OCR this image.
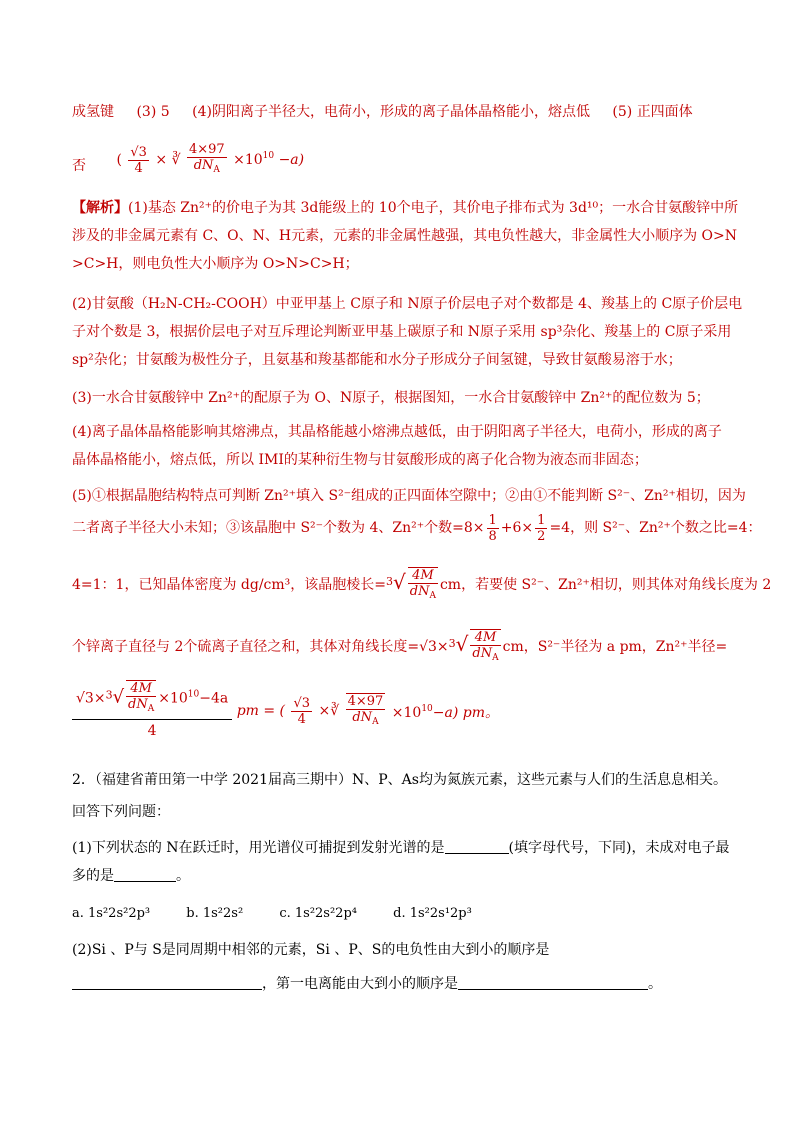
成氢键 (3) 5 (4)阴阳离子半径大，电荷小，形成的离子晶体晶格能小，熔点低 (5) 正四面体
否 ( $\frac{√3}{4}$ × ∛ $\frac{4\times 97}{dN_A} \times 10^{10} -a$)
【解析】(1)基态 Zn²⁺的价电子为其 3d能级上的 10个电子，其价电子排布式为 3d¹⁰；一水合甘氨酸锌中所
涉及的非金属元素有 C、O、N、H元素，元素的非金属性越强，其电负性越大，非金属性大小顺序为 O>N
>C>H，则电负性大小顺序为 O>N>C>H；
(2)甘氨酸（H₂N-CH₂-COOH）中亚甲基上 C原子和 N原子价层电子对个数都是 4、羧基上的 C原子价层电
子对个数是 3，根据价层电子对互斥理论判断亚甲基上碳原子和 N原子采用 sp³杂化、羧基上的 C原子采用
sp²杂化；甘氨酸为极性分子，且氨基和羧基都能和水分子形成分子间氢键，导致甘氨酸易溶于水；
(3)一水合甘氨酸锌中 Zn²⁺的配原子为 O、N原子，根据图知，一水合甘氨酸锌中 Zn²⁺的配位数为 5；
(4)离子晶体晶格能影响其熔沸点，其晶格能越小熔沸点越低，由于阴阳离子半径大，电荷小，形成的离子
晶体晶格能小，熔点低，所以 IMI的某种衍生物与甘氨酸形成的离子化合物为液态而非固态；
(5)①根据晶胞结构特点可判断 Zn²⁺填入 S²⁻组成的正四面体空隙中；②由①不能判断 S²⁻、Zn²⁺相切，因为
二者离子半径大小未知；③该晶胞中 S²⁻个数为 4、Zn²⁺个数$=8\times \frac{1}{8} +6\times \frac{1}{2} =4$，则 S²⁻、Zn²⁺个数之比=4：
4=1：1，已知晶体密度为 dg/cm³，该晶胞棱长$=^3√ \frac{4M}{dN_A}$ cm，若要使 S²⁻、Zn²⁺相切，则其体对角线长度为 2
个锌离子直径与 2个硫离子直径之和，其体对角线长度$=√3\times^3√ \frac{4M}{dN_A}$ cm，S²⁻半径为 a pm，Zn²⁺半径=
$√3\times^3√ \frac{4M}{dN_A} \times 10^{10}-4a$
4
pm = ( $\frac{√3}{4}$ ×∛ $\frac{4\times 97}{dN_A} \times 10^{10}-a$) pm。
2．（福建省莆田第一中学 2021届高三期中）N、P、As均为氮族元素，这些元素与人们的生活息息相关。
回答下列问题：
(1)下列状态的 N在跃迁时，用光谱仪可捕捉到发射光谱的是	(填字母代号，下同)，未成对电子最
多的是	。
a. 1s²2s²2p³	b. 1s²2s²	c. 1s²2s²2p⁴	d. 1s²2s¹2p³
(2)Si 、P与 S是同周期中相邻的元素，Si 、P、S的电负性由大到小的顺序是
，第一电离能由大到小的顺序是	。
